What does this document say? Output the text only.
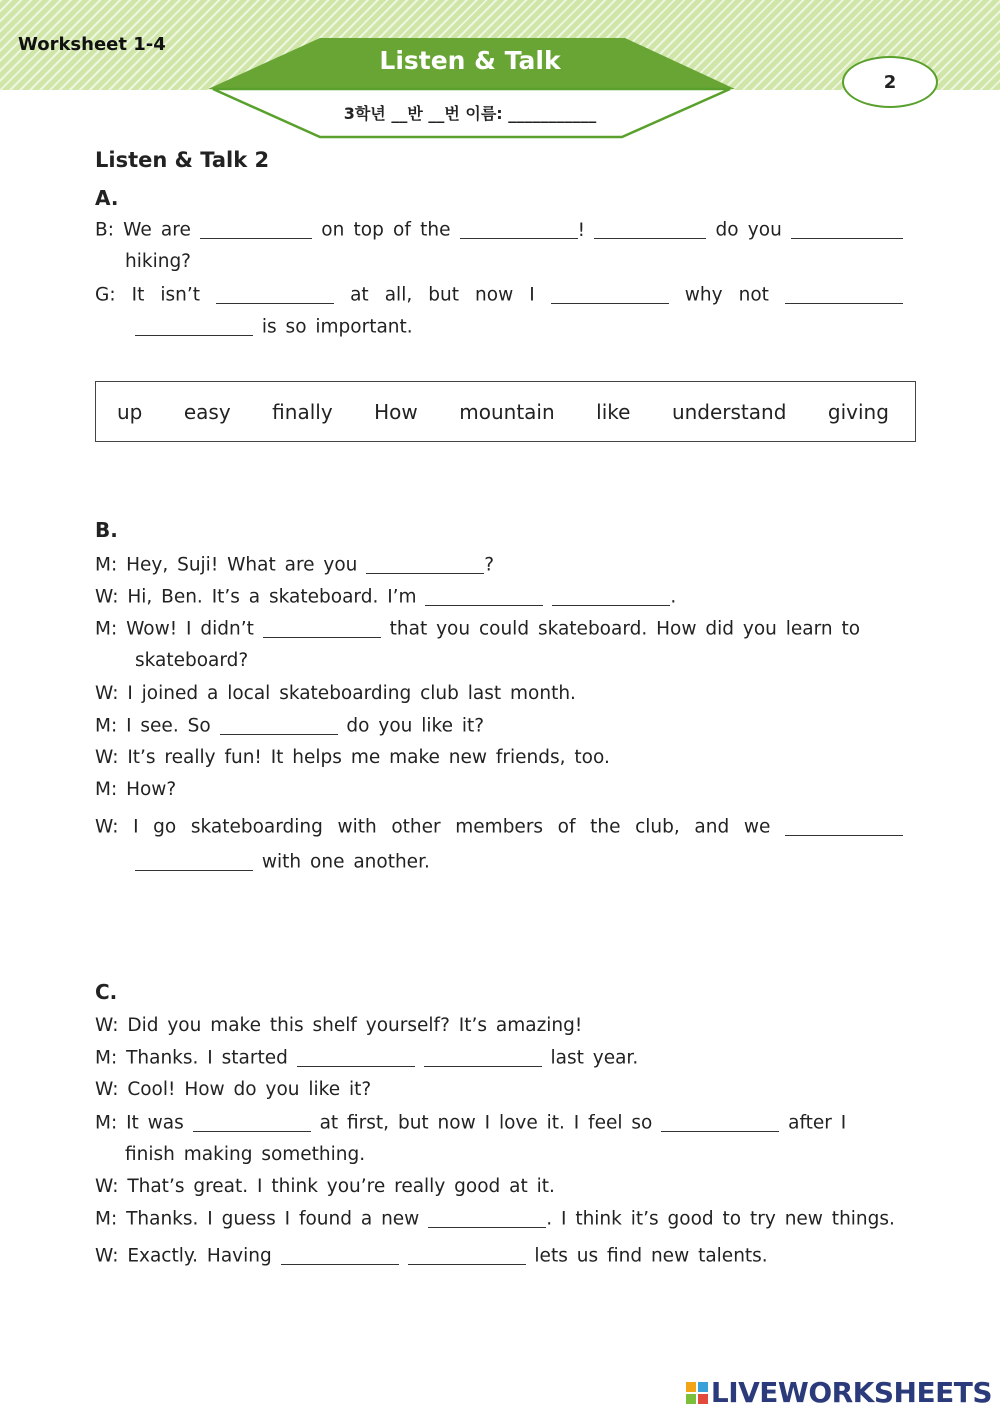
Worksheet 1-4
Listen & Talk
3학년 __반 __번 이름: ___________
2
Listen & Talk 2
A.
B: We are	on top of the	!	do you
hiking?
G: It isn’t	at all, but now I	why not
is so important.
up easy finally How mountain like understand giving
B.
M: Hey, Suji! What are you	?
W: Hi, Ben. It’s a skateboard. I’m	.
M: Wow! I didn’t	that you could skateboard. How did you learn to
skateboard?
W: I joined a local skateboarding club last month.
M: I see. So	do you like it?
W: It’s really fun! It helps me make new friends, too.
M: How?
W: I go skateboarding with other members of the club, and we
with one another.
C.
W: Did you make this shelf yourself? It’s amazing!
M: Thanks. I started	last year.
W: Cool! How do you like it?
M: It was	at first, but now I love it. I feel so	after I
finish making something.
W: That’s great. I think you’re really good at it.
M: Thanks. I guess I found a new	. I think it’s good to try new things.
W: Exactly. Having	lets us find new talents.
LIVEWORKSHEETS
